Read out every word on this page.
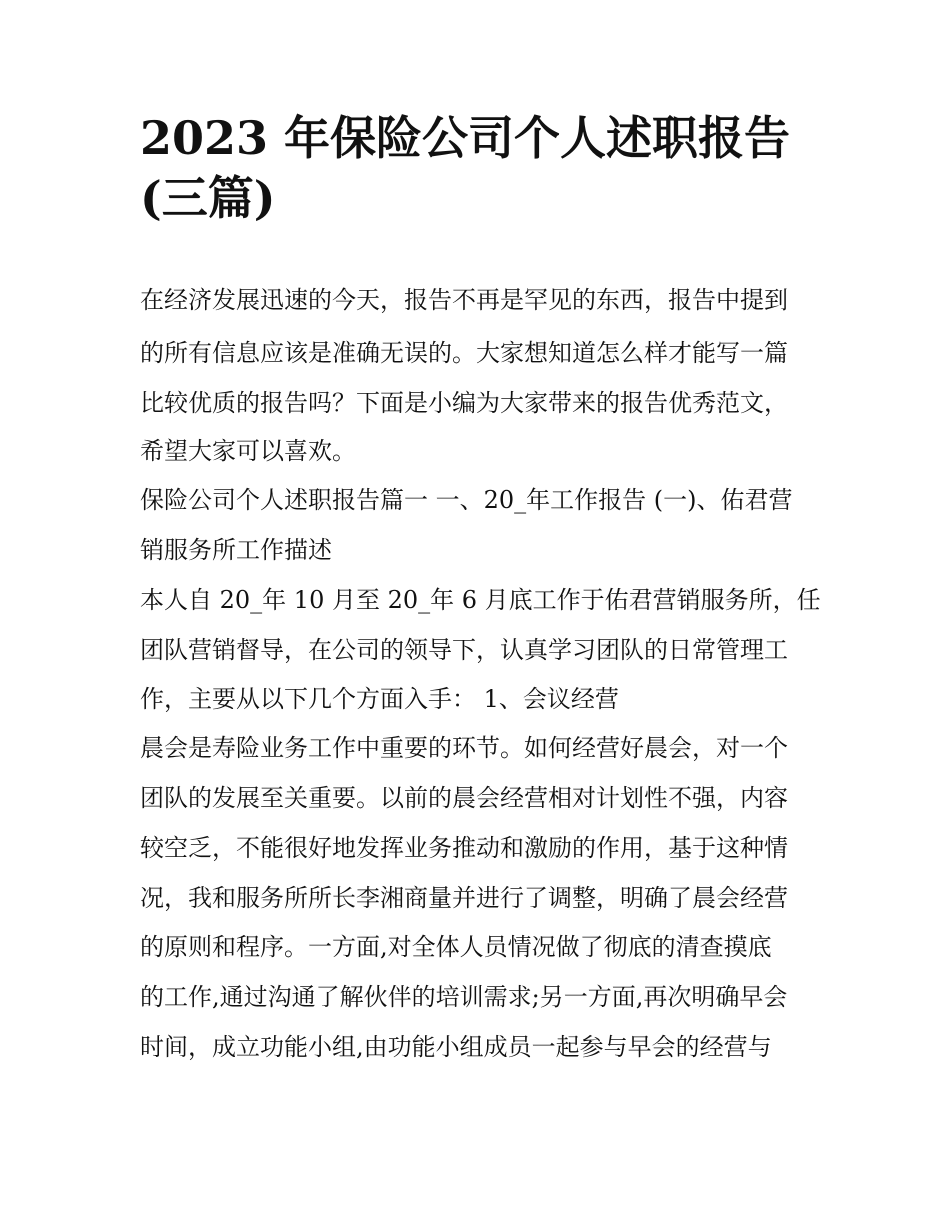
2023 年保险公司个人述职报告
(三篇)
在经济发展迅速的今天，报告不再是罕见的东西，报告中提到
的所有信息应该是准确无误的。大家想知道怎么样才能写一篇
比较优质的报告吗？下面是小编为大家带来的报告优秀范文，
希望大家可以喜欢。
保险公司个人述职报告篇一 一、20_年工作报告 (一)、佑君营
销服务所工作描述
本人自 20_年 10 月至 20_年 6 月底工作于佑君营销服务所，任
团队营销督导，在公司的领导下，认真学习团队的日常管理工
作，主要从以下几个方面入手： 1、会议经营
晨会是寿险业务工作中重要的环节。如何经营好晨会，对一个
团队的发展至关重要。以前的晨会经营相对计划性不强，内容
较空乏，不能很好地发挥业务推动和激励的作用，基于这种情
况，我和服务所所长李湘商量并进行了调整，明确了晨会经营
的原则和程序。一方面,对全体人员情况做了彻底的清查摸底
的工作,通过沟通了解伙伴的培训需求;另一方面,再次明确早会
时间，成立功能小组,由功能小组成员一起参与早会的经营与
